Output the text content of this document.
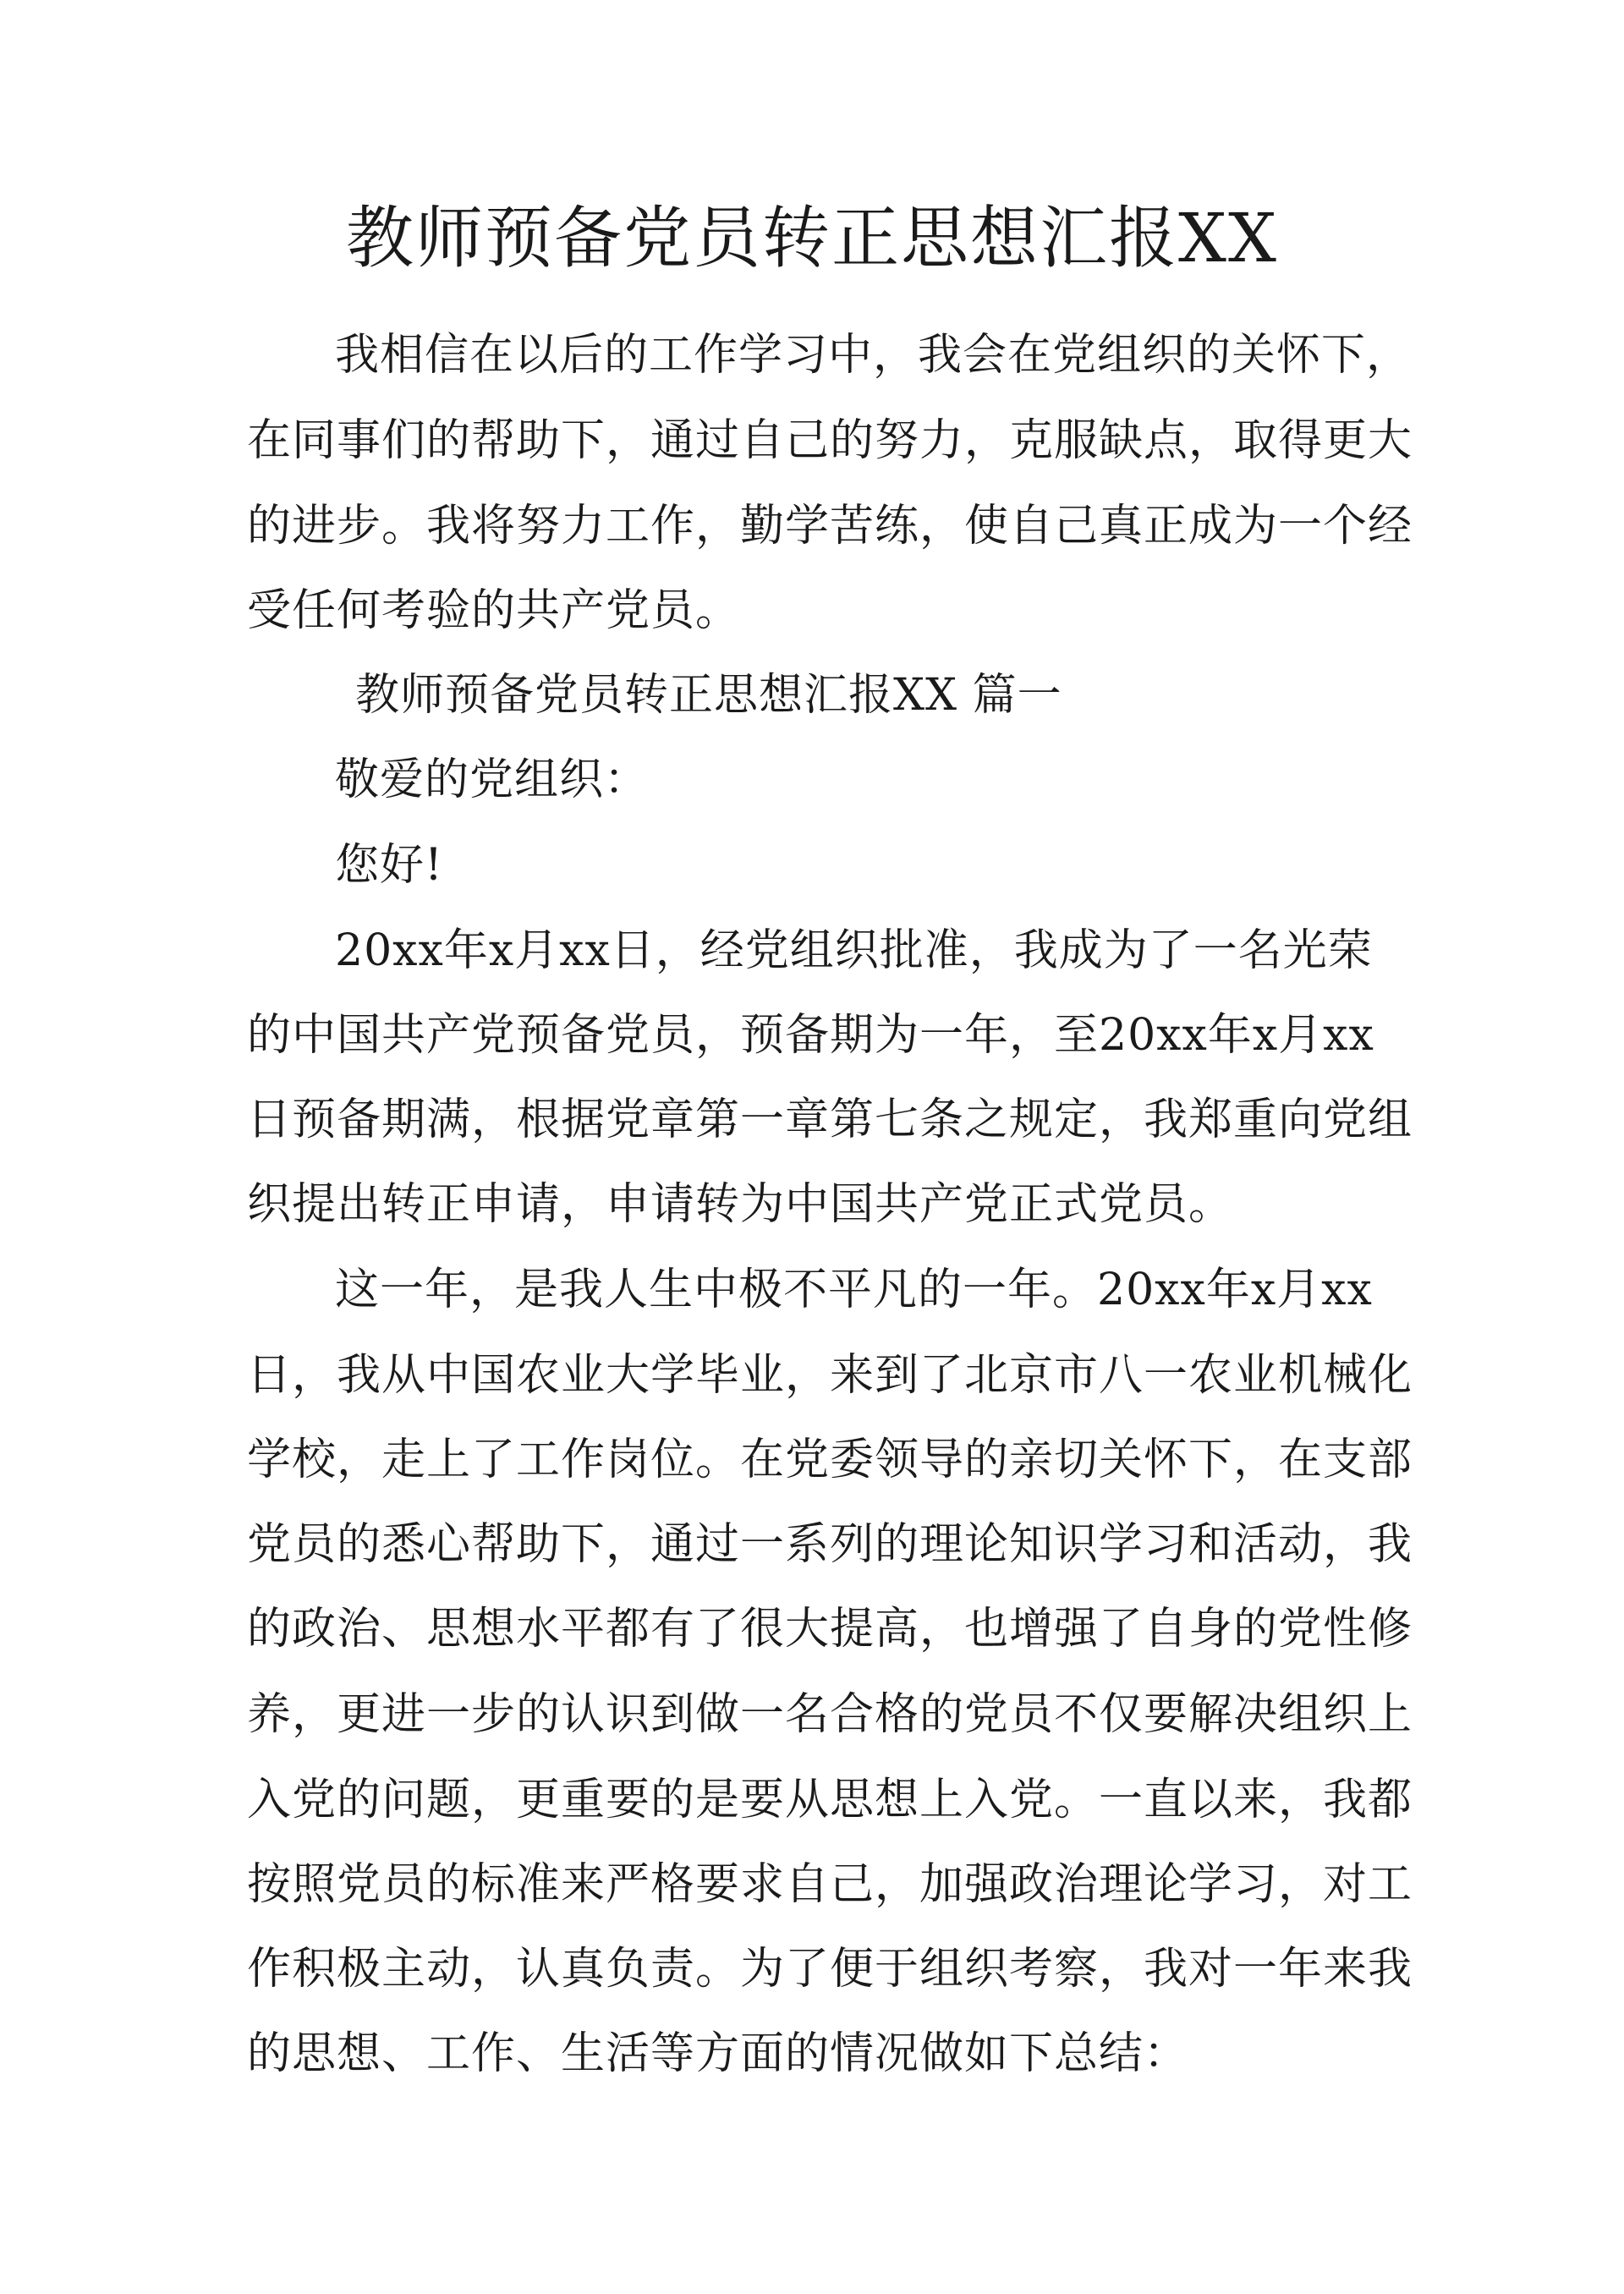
教师预备党员转正思想汇报XX
我相信在以后的工作学习中，我会在党组织的关怀下，
在同事们的帮助下，通过自己的努力，克服缺点，取得更大
的进步。我将努力工作，勤学苦练，使自己真正成为一个经
受任何考验的共产党员。
教师预备党员转正思想汇报XX 篇一
敬爱的党组织：
您好!
20xx年x月xx日，经党组织批准，我成为了一名光荣
的中国共产党预备党员，预备期为一年，至20xx年x月xx
日预备期满，根据党章第一章第七条之规定，我郑重向党组
织提出转正申请，申请转为中国共产党正式党员。
这一年，是我人生中极不平凡的一年。20xx年x月xx
日，我从中国农业大学毕业，来到了北京市八一农业机械化
学校，走上了工作岗位。在党委领导的亲切关怀下，在支部
党员的悉心帮助下，通过一系列的理论知识学习和活动，我
的政治、思想水平都有了很大提高，也增强了自身的党性修
养，更进一步的认识到做一名合格的党员不仅要解决组织上
入党的问题，更重要的是要从思想上入党。一直以来，我都
按照党员的标准来严格要求自己，加强政治理论学习，对工
作积极主动，认真负责。为了便于组织考察，我对一年来我
的思想、工作、生活等方面的情况做如下总结：
